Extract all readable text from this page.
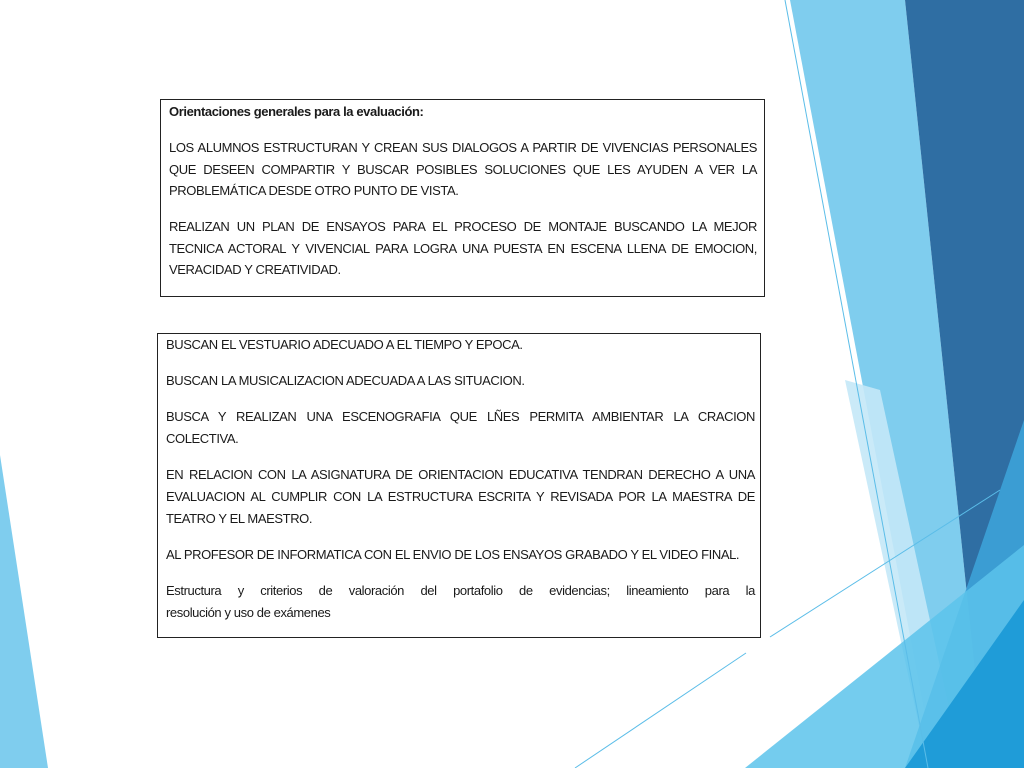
Orientaciones generales para la evaluación:

LOS ALUMNOS ESTRUCTURAN Y CREAN SUS DIALOGOS A PARTIR DE VIVENCIAS PERSONALES
QUE DESEEN COMPARTIR Y BUSCAR POSIBLES SOLUCIONES QUE LES AYUDEN A VER LA
PROBLEMÁTICA DESDE OTRO PUNTO DE VISTA.

REALIZAN UN PLAN DE ENSAYOS PARA EL PROCESO DE MONTAJE BUSCANDO LA MEJOR
TECNICA ACTORAL Y VIVENCIAL PARA LOGRA UNA PUESTA EN ESCENA LLENA DE EMOCION,
VERACIDAD Y CREATIVIDAD.

BUSCAN EL VESTUARIO ADECUADO A EL TIEMPO Y EPOCA.

BUSCAN LA MUSICALIZACION ADECUADA A LAS SITUACION.

BUSCA Y REALIZAN UNA ESCENOGRAFIA QUE LÑES PERMITA AMBIENTAR LA CRACION
COLECTIVA.

EN RELACION CON LA ASIGNATURA DE ORIENTACION EDUCATIVA TENDRAN DERECHO A UNA
EVALUACION AL CUMPLIR CON LA ESTRUCTURA ESCRITA Y REVISADA POR LA MAESTRA DE
TEATRO Y EL MAESTRO.

AL PROFESOR DE INFORMATICA CON EL ENVIO DE LOS ENSAYOS GRABADO Y EL VIDEO FINAL.

Estructura y criterios de valoración del portafolio de evidencias; lineamiento para la
resolución y uso de exámenes
